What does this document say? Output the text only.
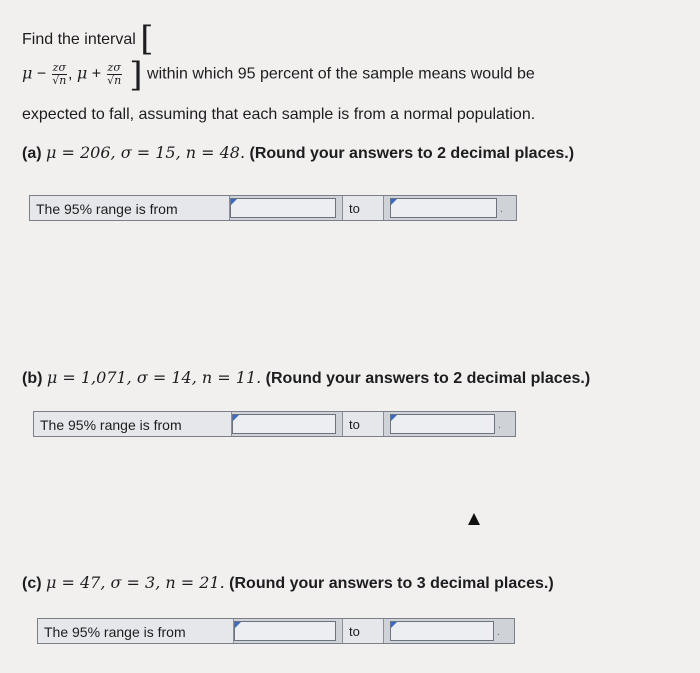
Find the interval [
$\mu - \frac{z\sigma}{√n}$ , $\mu + \frac{z\sigma}{√n}$ ] within which 95 percent of the sample means would be
expected to fall, assuming that each sample is from a normal population.
(a) μ = 206, σ = 15, n = 48. (Round your answers to 2 decimal places.)
The 95% range is from	to	.
(b) μ = 1,071, σ = 14, n = 11. (Round your answers to 2 decimal places.)
The 95% range is from	to	.
(c) μ = 47, σ = 3, n = 21. (Round your answers to 3 decimal places.)
The 95% range is from	to	.
